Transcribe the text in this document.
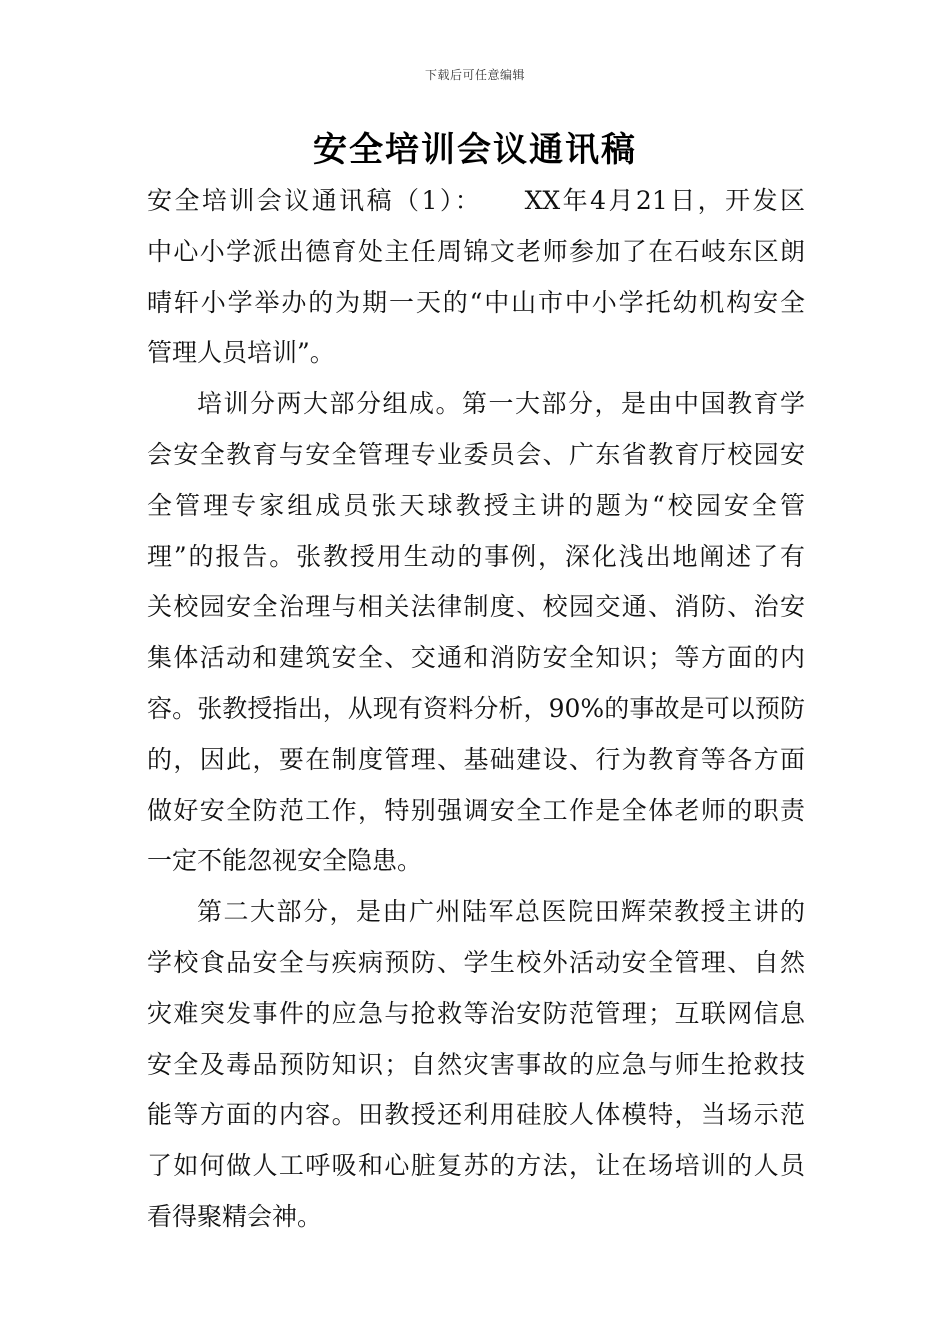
下载后可任意编辑
安全培训会议通讯稿

安全培训会议通讯稿（1）：　　XX年4月21日，开发区
中心小学派出德育处主任周锦文老师参加了在石岐东区朗
晴轩小学举办的为期一天的“中山市中小学托幼机构安全
管理人员培训”。

培训分两大部分组成。第一大部分，是由中国教育学
会安全教育与安全管理专业委员会、广东省教育厅校园安
全管理专家组成员张天球教授主讲的题为“校园安全管
理”的报告。张教授用生动的事例，深化浅出地阐述了有
关校园安全治理与相关法律制度、校园交通、消防、治安
集体活动和建筑安全、交通和消防安全知识；等方面的内
容。张教授指出，从现有资料分析，90%的事故是可以预防
的，因此，要在制度管理、基础建设、行为教育等各方面
做好安全防范工作，特别强调安全工作是全体老师的职责
一定不能忽视安全隐患。

第二大部分，是由广州陆军总医院田辉荣教授主讲的
学校食品安全与疾病预防、学生校外活动安全管理、自然
灾难突发事件的应急与抢救等治安防范管理；互联网信息
安全及毒品预防知识；自然灾害事故的应急与师生抢救技
能等方面的内容。田教授还利用硅胶人体模特，当场示范
了如何做人工呼吸和心脏复苏的方法，让在场培训的人员
看得聚精会神。
